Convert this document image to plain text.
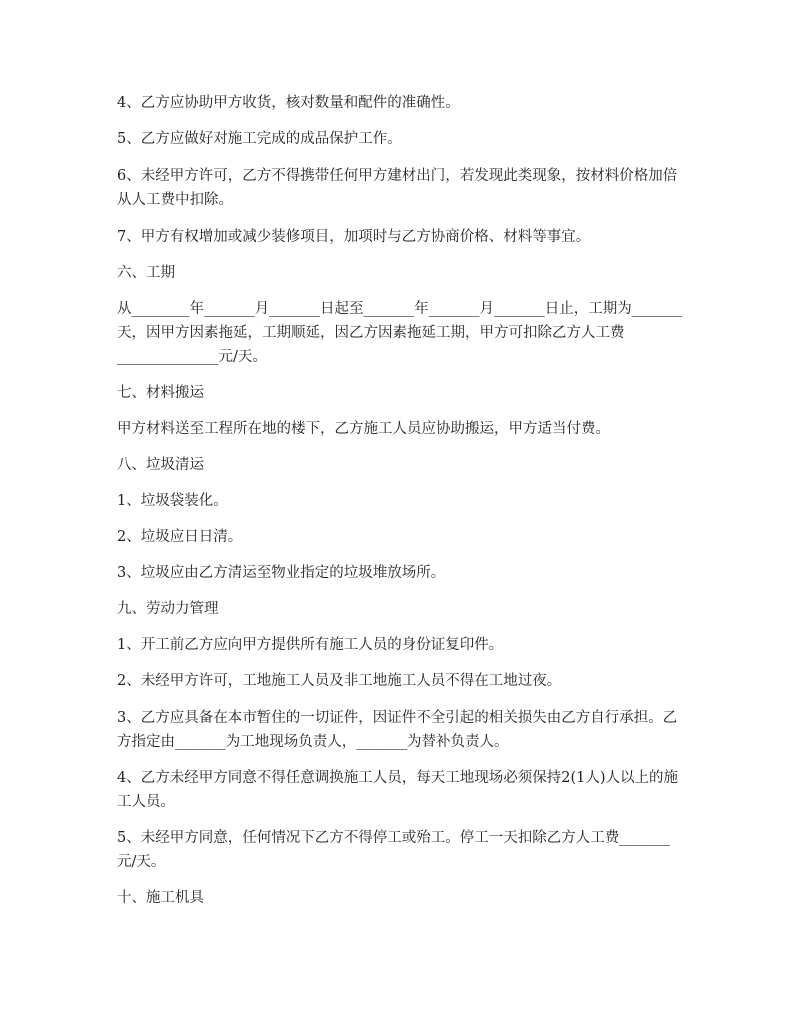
4、乙方应协助甲方收货，核对数量和配件的准确性。

5、乙方应做好对施工完成的成品保护工作。

6、未经甲方许可，乙方不得携带任何甲方建材出门，若发现此类现象，按材料价格加倍从人工费中扣除。

7、甲方有权增加或减少装修项目，加项时与乙方协商价格、材料等事宜。

六、工期

从________年_______月_______日起至_______年_______月_______日止，工期为_______天，因甲方因素拖延，工期顺延，因乙方因素拖延工期，甲方可扣除乙方人工费______________元/天。

七、材料搬运

甲方材料送至工程所在地的楼下，乙方施工人员应协助搬运，甲方适当付费。

八、垃圾清运

1、垃圾袋装化。

2、垃圾应日日清。

3、垃圾应由乙方清运至物业指定的垃圾堆放场所。

九、劳动力管理

1、开工前乙方应向甲方提供所有施工人员的身份证复印件。

2、未经甲方许可，工地施工人员及非工地施工人员不得在工地过夜。

3、乙方应具备在本市暂住的一切证件，因证件不全引起的相关损失由乙方自行承担。乙方指定由_______为工地现场负责人，_______为替补负责人。

4、乙方未经甲方同意不得任意调换施工人员，每天工地现场必须保持2(1人)人以上的施工人员。

5、未经甲方同意，任何情况下乙方不得停工或殆工。停工一天扣除乙方人工费_______元/天。

十、施工机具
